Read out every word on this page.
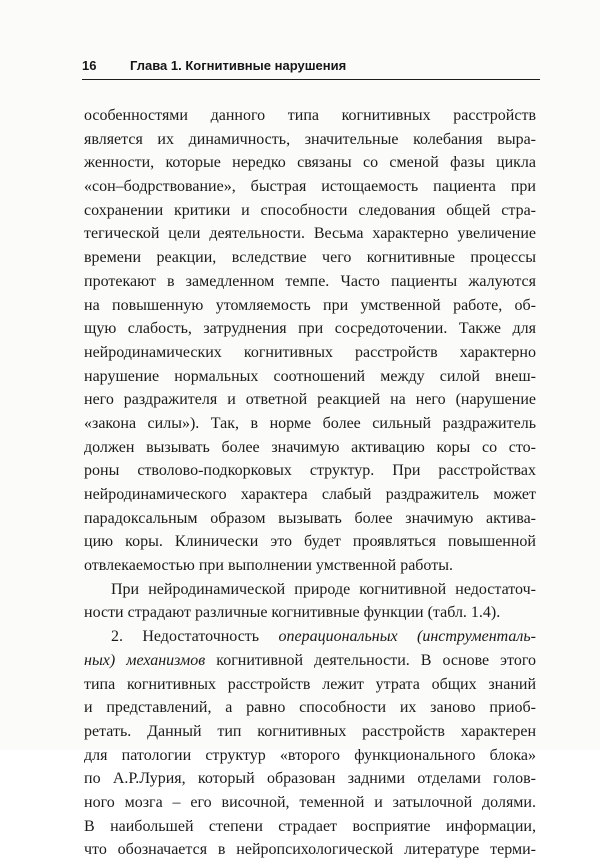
16	Глава 1. Когнитивные нарушения
особенностями данного типа когнитивных расстройств
является их динамичность, значительные колебания выра-
женности, которые нередко связаны со сменой фазы цикла
«сон–бодрствование», быстрая истощаемость пациента при
сохранении критики и способности следования общей стра-
тегической цели деятельности. Весьма характерно увеличение
времени реакции, вследствие чего когнитивные процессы
протекают в замедленном темпе. Часто пациенты жалуются
на повышенную утомляемость при умственной работе, об-
щую слабость, затруднения при сосредоточении. Также для
нейродинамических когнитивных расстройств характерно
нарушение нормальных соотношений между силой внеш-
него раздражителя и ответной реакцией на него (нарушение
«закона силы»). Так, в норме более сильный раздражитель
должен вызывать более значимую активацию коры со сто-
роны стволово-подкорковых структур. При расстройствах
нейродинамического характера слабый раздражитель может
парадоксальным образом вызывать более значимую актива-
цию коры. Клинически это будет проявляться повышенной
отвлекаемостью при выполнении умственной работы.
При нейродинамической природе когнитивной недостаточ-
ности страдают различные когнитивные функции (табл. 1.4).
2. Недостаточность операциональных (инструменталь-
ных) механизмов когнитивной деятельности. В основе этого
типа когнитивных расстройств лежит утрата общих знаний
и представлений, а равно способности их заново приоб-
ретать. Данный тип когнитивных расстройств характерен
для патологии структур «второго функционального блока»
по А.Р.Лурия, который образован задними отделами голов-
ного мозга – его височной, теменной и затылочной долями.
В наибольшей степени страдает восприятие информации,
что обозначается в нейропсихологической литературе терми-
